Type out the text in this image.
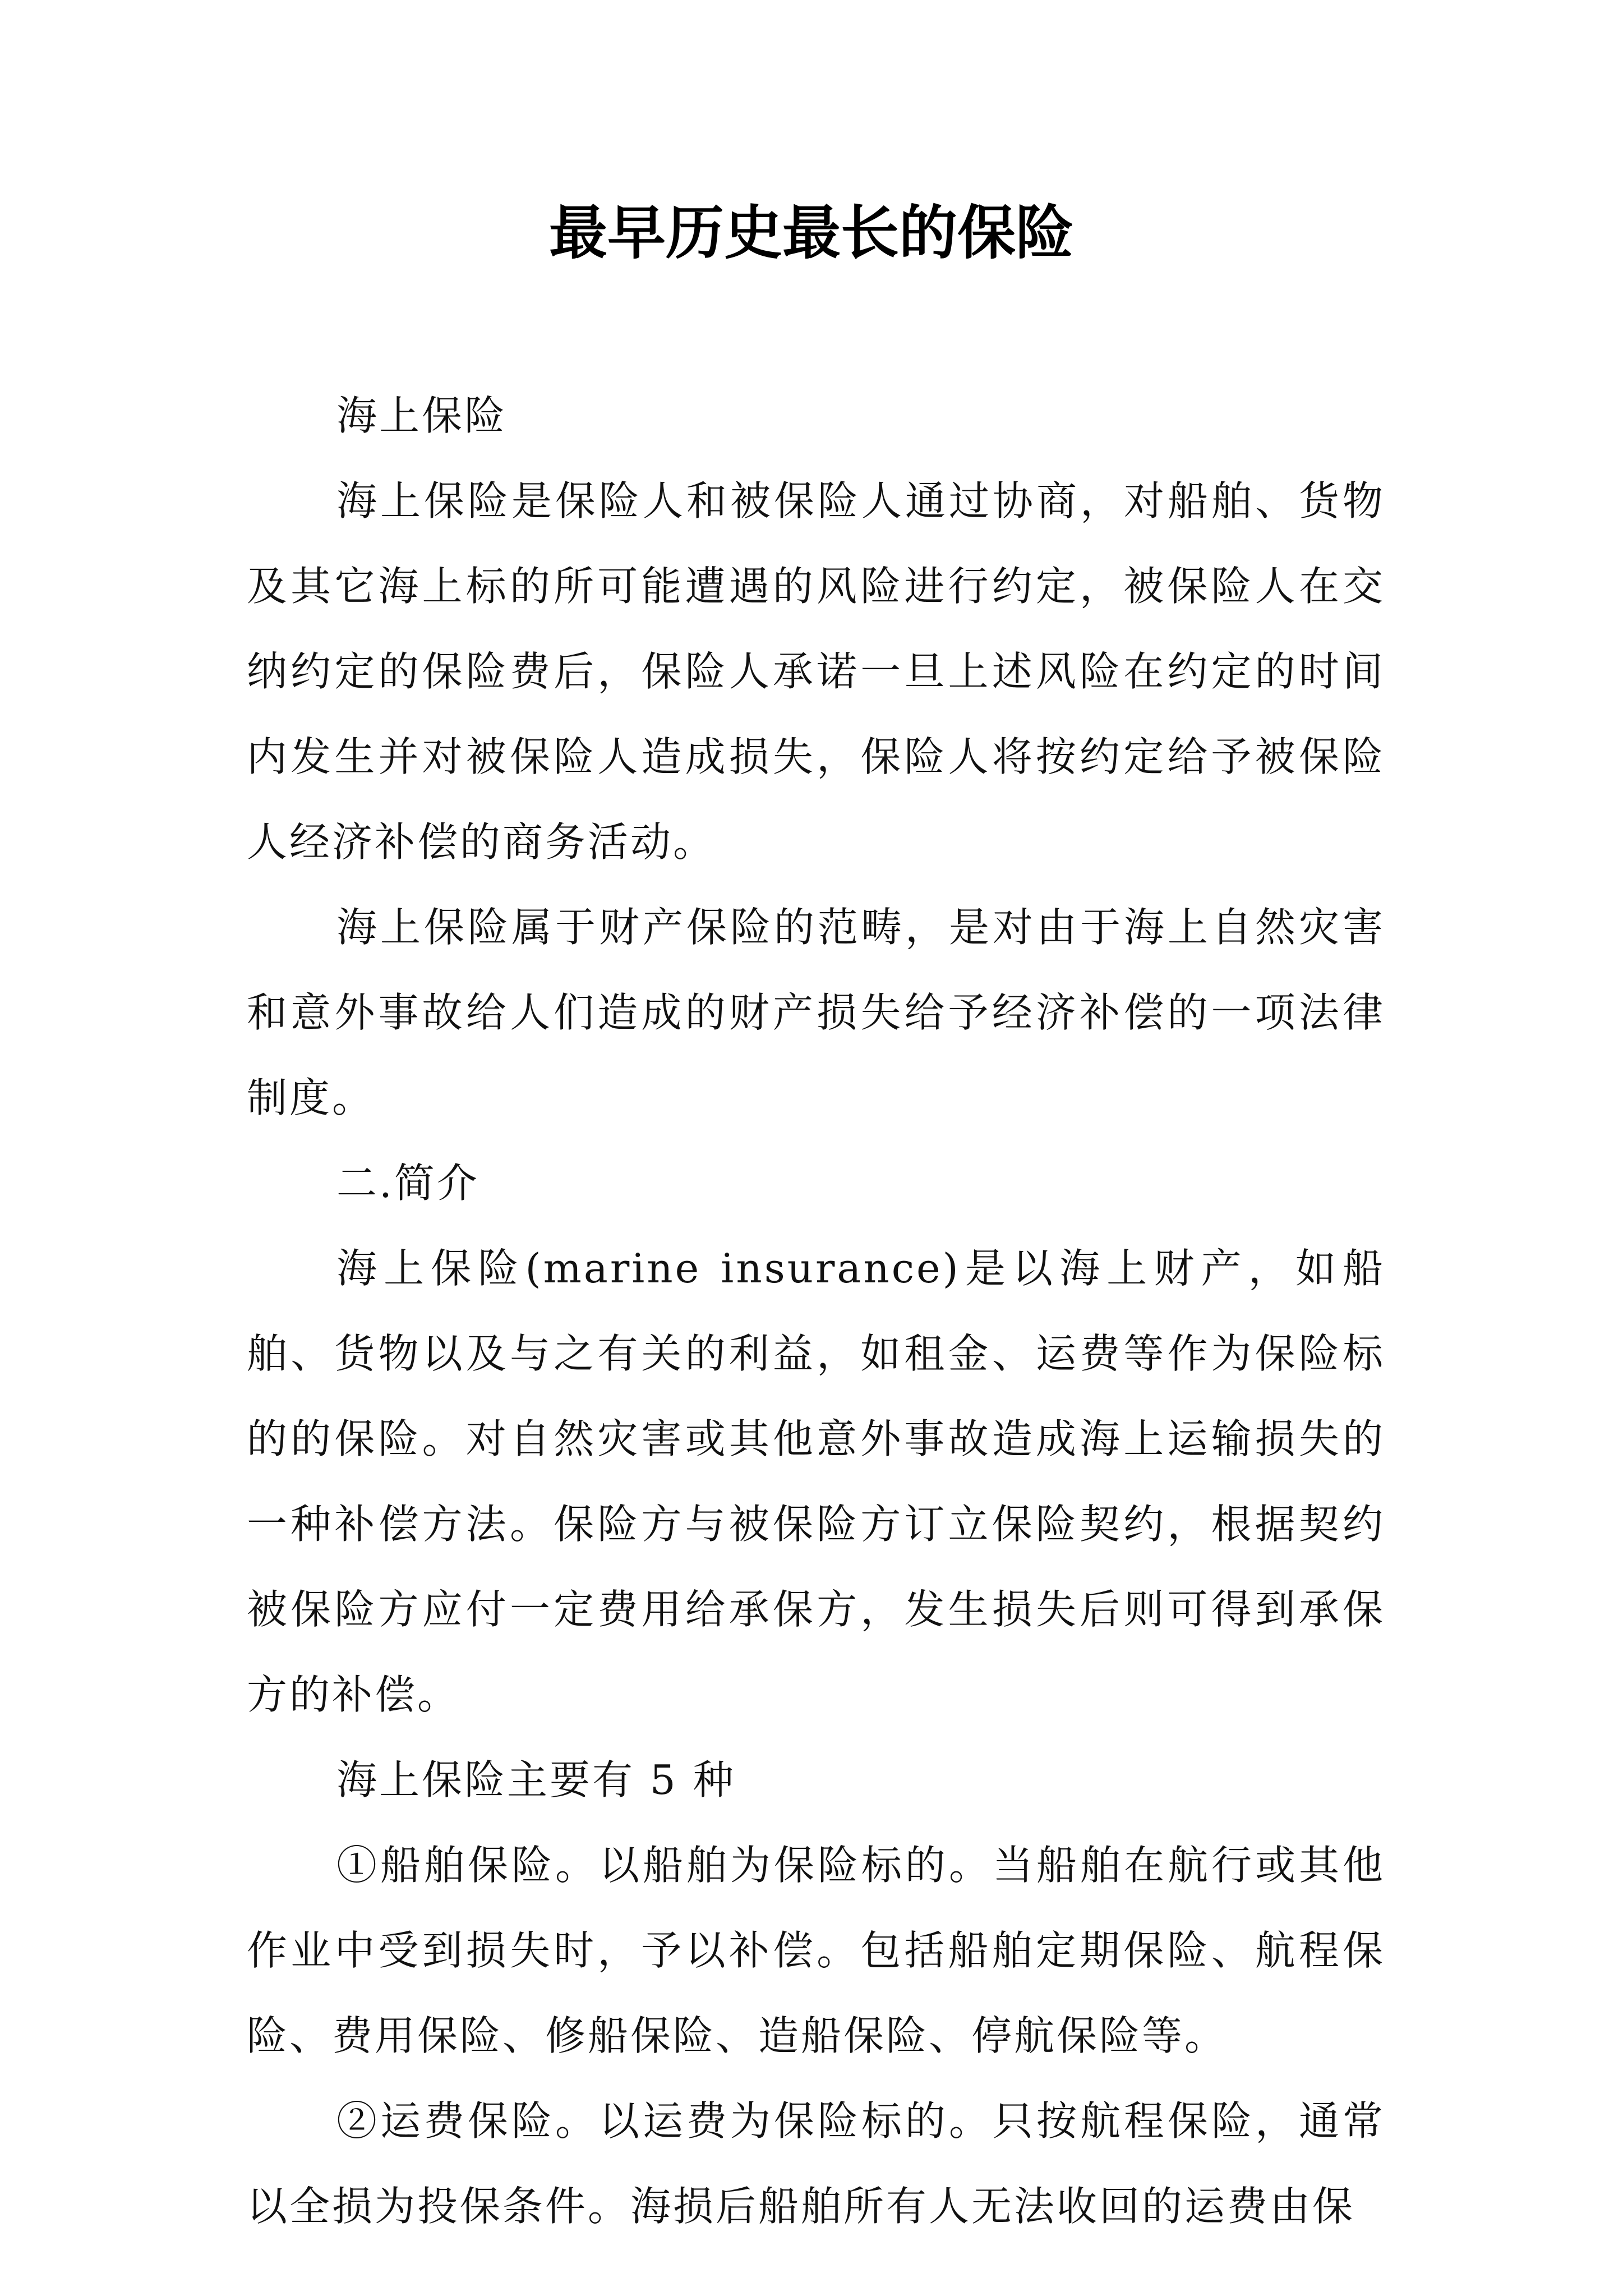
最早历史最长的保险

海上保险

海上保险是保险人和被保险人通过协商，对船舶、货物及其它海上标的所可能遭遇的风险进行约定，被保险人在交纳约定的保险费后，保险人承诺一旦上述风险在约定的时间内发生并对被保险人造成损失，保险人将按约定给予被保险人经济补偿的商务活动。

海上保险属于财产保险的范畴，是对由于海上自然灾害和意外事故给人们造成的财产损失给予经济补偿的一项法律制度。

二.简介

海上保险(marine insurance)是以海上财产，如船舶、货物以及与之有关的利益，如租金、运费等作为保险标的的保险。对自然灾害或其他意外事故造成海上运输损失的一种补偿方法。保险方与被保险方订立保险契约，根据契约被保险方应付一定费用给承保方，发生损失后则可得到承保方的补偿。

海上保险主要有 5 种

①船舶保险。以船舶为保险标的。当船舶在航行或其他作业中受到损失时，予以补偿。包括船舶定期保险、航程保险、费用保险、修船保险、造船保险、停航保险等。

②运费保险。以运费为保险标的。只按航程保险，通常以全损为投保条件。海损后船舶所有人无法收回的运费由保
